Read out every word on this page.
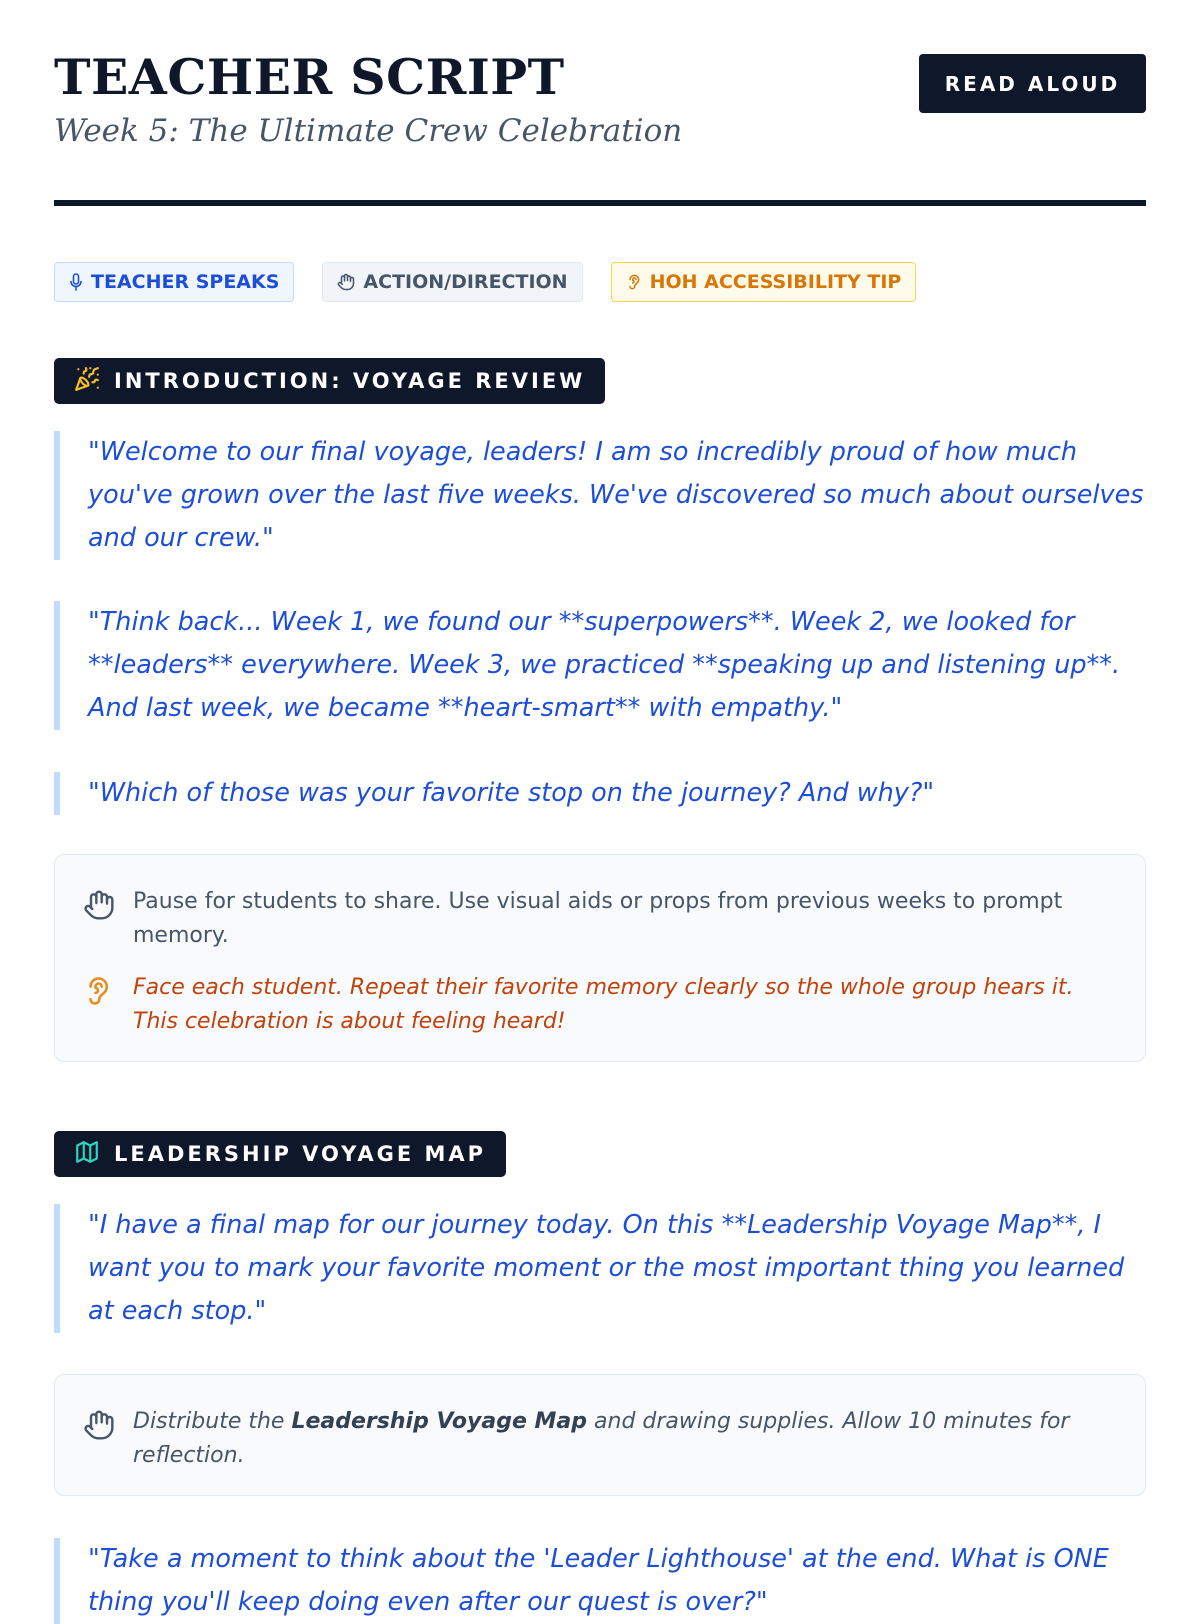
TEACHER SCRIPT
Week 5: The Ultimate Crew Celebration
READ ALOUD
TEACHER SPEAKS	ACTION/DIRECTION	HOH ACCESSIBILITY TIP
INTRODUCTION: VOYAGE REVIEW
"Welcome to our final voyage, leaders! I am so incredibly proud of how much you've grown over the last five weeks. We've discovered so much about ourselves and our crew."
"Think back... Week 1, we found our **superpowers**. Week 2, we looked for **leaders** everywhere. Week 3, we practiced **speaking up and listening up**. And last week, we became **heart-smart** with empathy."
"Which of those was your favorite stop on the journey? And why?"
Pause for students to share. Use visual aids or props from previous weeks to prompt memory.
Face each student. Repeat their favorite memory clearly so the whole group hears it. This celebration is about feeling heard!
LEADERSHIP VOYAGE MAP
"I have a final map for our journey today. On this **Leadership Voyage Map**, I want you to mark your favorite moment or the most important thing you learned at each stop."
Distribute the Leadership Voyage Map and drawing supplies. Allow 10 minutes for reflection.
"Take a moment to think about the 'Leader Lighthouse' at the end. What is ONE thing you'll keep doing even after our quest is over?"
